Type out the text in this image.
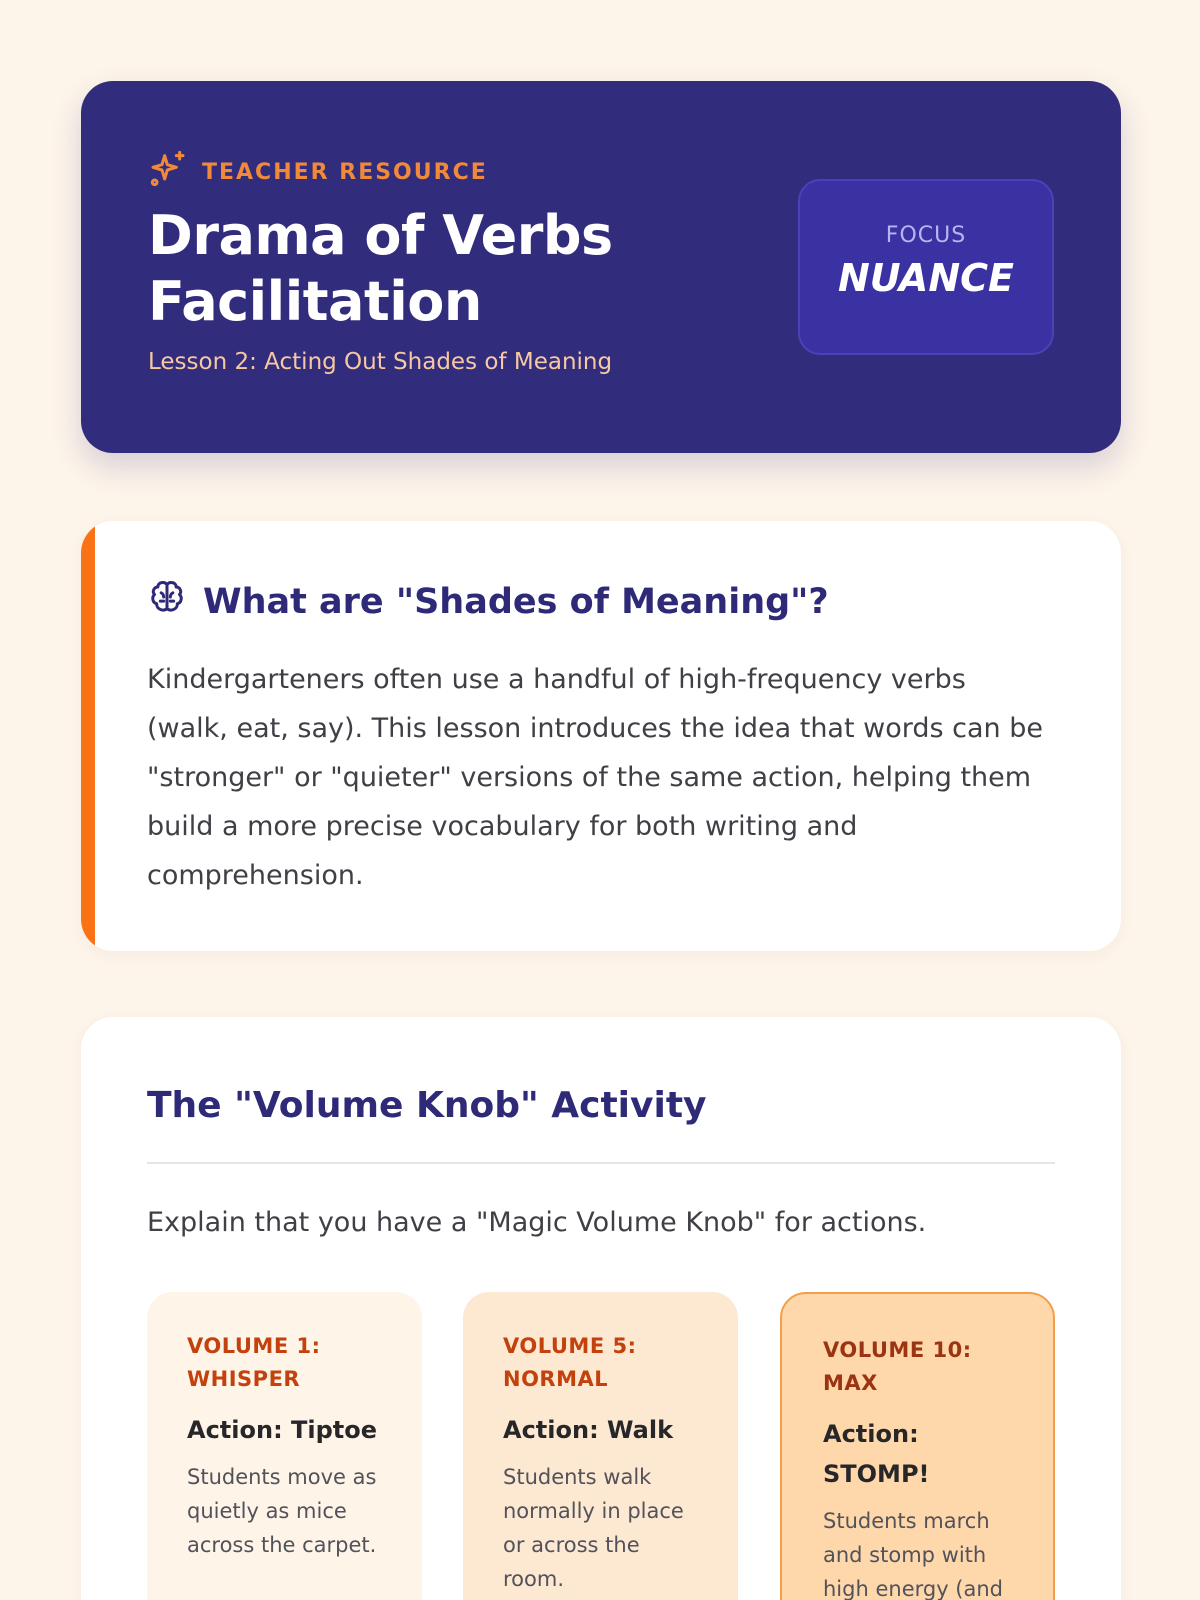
TEACHER RESOURCE
Drama of Verbs Facilitation
Lesson 2: Acting Out Shades of Meaning
FOCUS
NUANCE
What are "Shades of Meaning"?

Kindergarteners often use a handful of high-frequency verbs (walk, eat, say). This lesson introduces the idea that words can be "stronger" or "quieter" versions of the same action, helping them build a more precise vocabulary for both writing and comprehension.

The "Volume Knob" Activity

Explain that you have a "Magic Volume Knob" for actions.

VOLUME 1: WHISPER
Action: Tiptoe
Students move as quietly as mice across the carpet.
VOLUME 5: NORMAL
Action: Walk
Students walk normally in place or across the room.
VOLUME 10: MAX
Action: STOMP!
Students march and stomp with high energy (and
